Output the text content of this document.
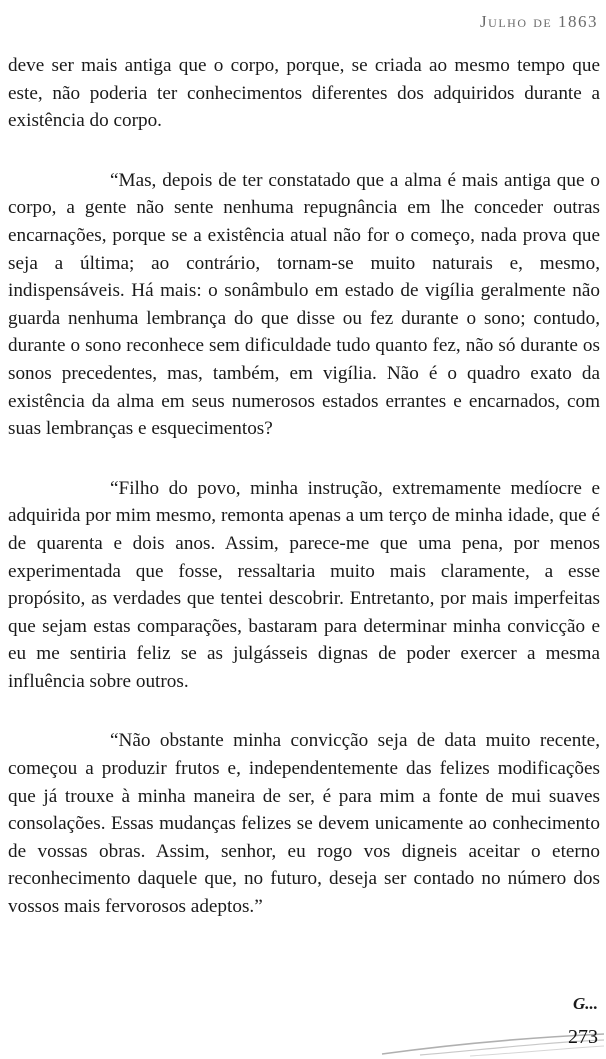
Julho de 1863

deve ser mais antiga que o corpo, porque, se criada ao mesmo tempo que este, não poderia ter conhecimentos diferentes dos adquiridos durante a existência do corpo.

“Mas, depois de ter constatado que a alma é mais antiga que o corpo, a gente não sente nenhuma repugnância em lhe conceder outras encarnações, porque se a existência atual não for o começo, nada prova que seja a última; ao contrário, tornam-se muito naturais e, mesmo, indispensáveis. Há mais: o sonâmbulo em estado de vigília geralmente não guarda nenhuma lembrança do que disse ou fez durante o sono; contudo, durante o sono reconhece sem dificuldade tudo quanto fez, não só durante os sonos precedentes, mas, também, em vigília. Não é o quadro exato da existência da alma em seus numerosos estados errantes e encarnados, com suas lembranças e esquecimentos?

“Filho do povo, minha instrução, extremamente medíocre e adquirida por mim mesmo, remonta apenas a um terço de minha idade, que é de quarenta e dois anos. Assim, parece-me que uma pena, por menos experimentada que fosse, ressaltaria muito mais claramente, a esse propósito, as verdades que tentei descobrir. Entretanto, por mais imperfeitas que sejam estas comparações, bastaram para determinar minha convicção e eu me sentiria feliz se as julgásseis dignas de poder exercer a mesma influência sobre outros.

“Não obstante minha convicção seja de data muito recente, começou a produzir frutos e, independentemente das felizes modificações que já trouxe à minha maneira de ser, é para mim a fonte de mui suaves consolações. Essas mudanças felizes se devem unicamente ao conhecimento de vossas obras. Assim, senhor, eu rogo vos digneis aceitar o eterno reconhecimento daquele que, no futuro, deseja ser contado no número dos vossos mais fervorosos adeptos.”

G...
273
